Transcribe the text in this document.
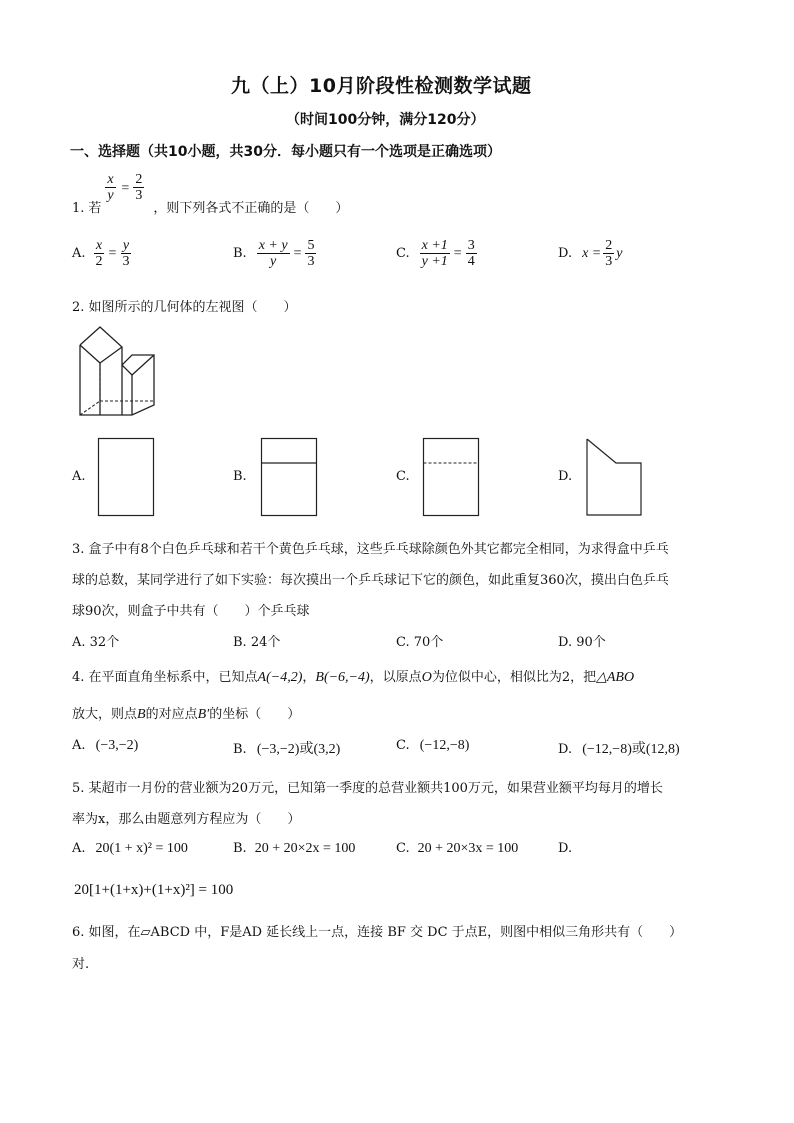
九（上）10月阶段性检测数学试题
（时间100分钟，满分120分）
一、选择题（共10小题，共30分．每小题只有一个选项是正确选项）
1. 若
$\frac{x}{y} = \frac{2}{3}$
，则下列各式不正确的是（　　）
A. $\frac{x}{2} = \frac{y}{3}$	B. $\frac{x + y}{y} = \frac{5}{3}$	C. $\frac{x +1}{y +1} = \frac{3}{4}$	D. $x = \frac{2}{3}$ y
2. 如图所示的几何体的左视图（　　）
A.	B.	C.	D.
3. 盒子中有8个白色乒乓球和若干个黄色乒乓球，这些乒乓球除颜色外其它都完全相同，为求得盒中乒乓
球的总数，某同学进行了如下实验：每次摸出一个乒乓球记下它的颜色，如此重复360次，摸出白色乒乓
球90次，则盒子中共有（　　）个乒乓球
A. 32个	B. 24个	C. 70个	D. 90个
4. 在平面直角坐标系中，已知点A(−4,2)，B(−6,−4)，以原点O为位似中心，相似比为2，把△ABO
放大，则点B的对应点B′的坐标（　　）
A. (−3,−2)	B. (−3,−2)或(3,2)	C. (−12,−8)	D. (−12,−8)或(12,8)
5. 某超市一月份的营业额为20万元，已知第一季度的总营业额共100万元，如果营业额平均每月的增长
率为x，那么由题意列方程应为（　　）
A. 20(1 + x)² = 100	B. 20 + 20×2x = 100	C. 20 + 20×3x = 100	D.
20[1+(1+x)+(1+x)²] = 100
6. 如图，在▱ABCD 中，F是AD 延长线上一点，连接 BF 交 DC 于点E，则图中相似三角形共有（　　）
对.
